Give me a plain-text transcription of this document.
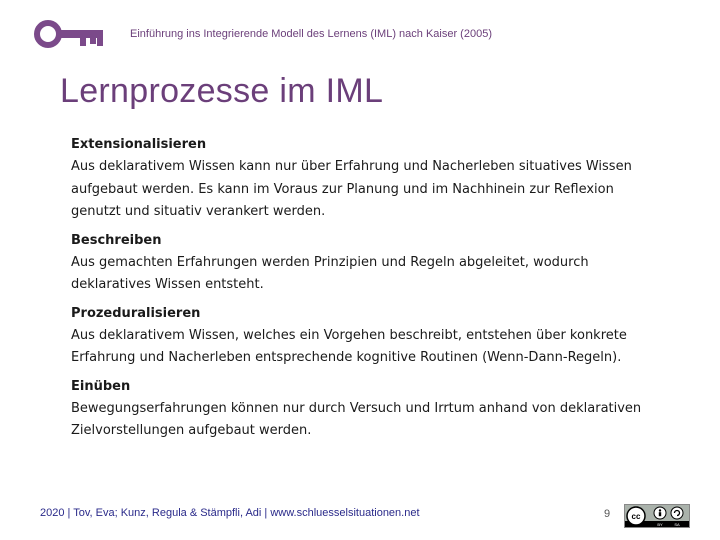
Einführung ins Integrierende Modell des Lernens (IML) nach Kaiser (2005)
Lernprozesse im IML
Extensionalisieren
Aus deklarativem Wissen kann nur über Erfahrung und Nacherleben situatives Wissen aufgebaut werden. Es kann im Voraus zur Planung und im Nachhinein zur Reflexion genutzt und situativ verankert werden.
Beschreiben
Aus gemachten Erfahrungen werden Prinzipien und Regeln abgeleitet, wodurch deklaratives Wissen entsteht.
Prozeduralisieren
Aus deklarativem Wissen, welches ein Vorgehen beschreibt, entstehen über konkrete Erfahrung und Nacherleben entsprechende kognitive Routinen (Wenn-Dann-Regeln).
Einüben
Bewegungserfahrungen können nur durch Versuch und Irrtum anhand von deklarativen Zielvorstellungen aufgebaut werden.
2020 | Tov, Eva; Kunz, Regula & Stämpfli, Adi | www.schluesselsituationen.net	9	cc
BY	SA
